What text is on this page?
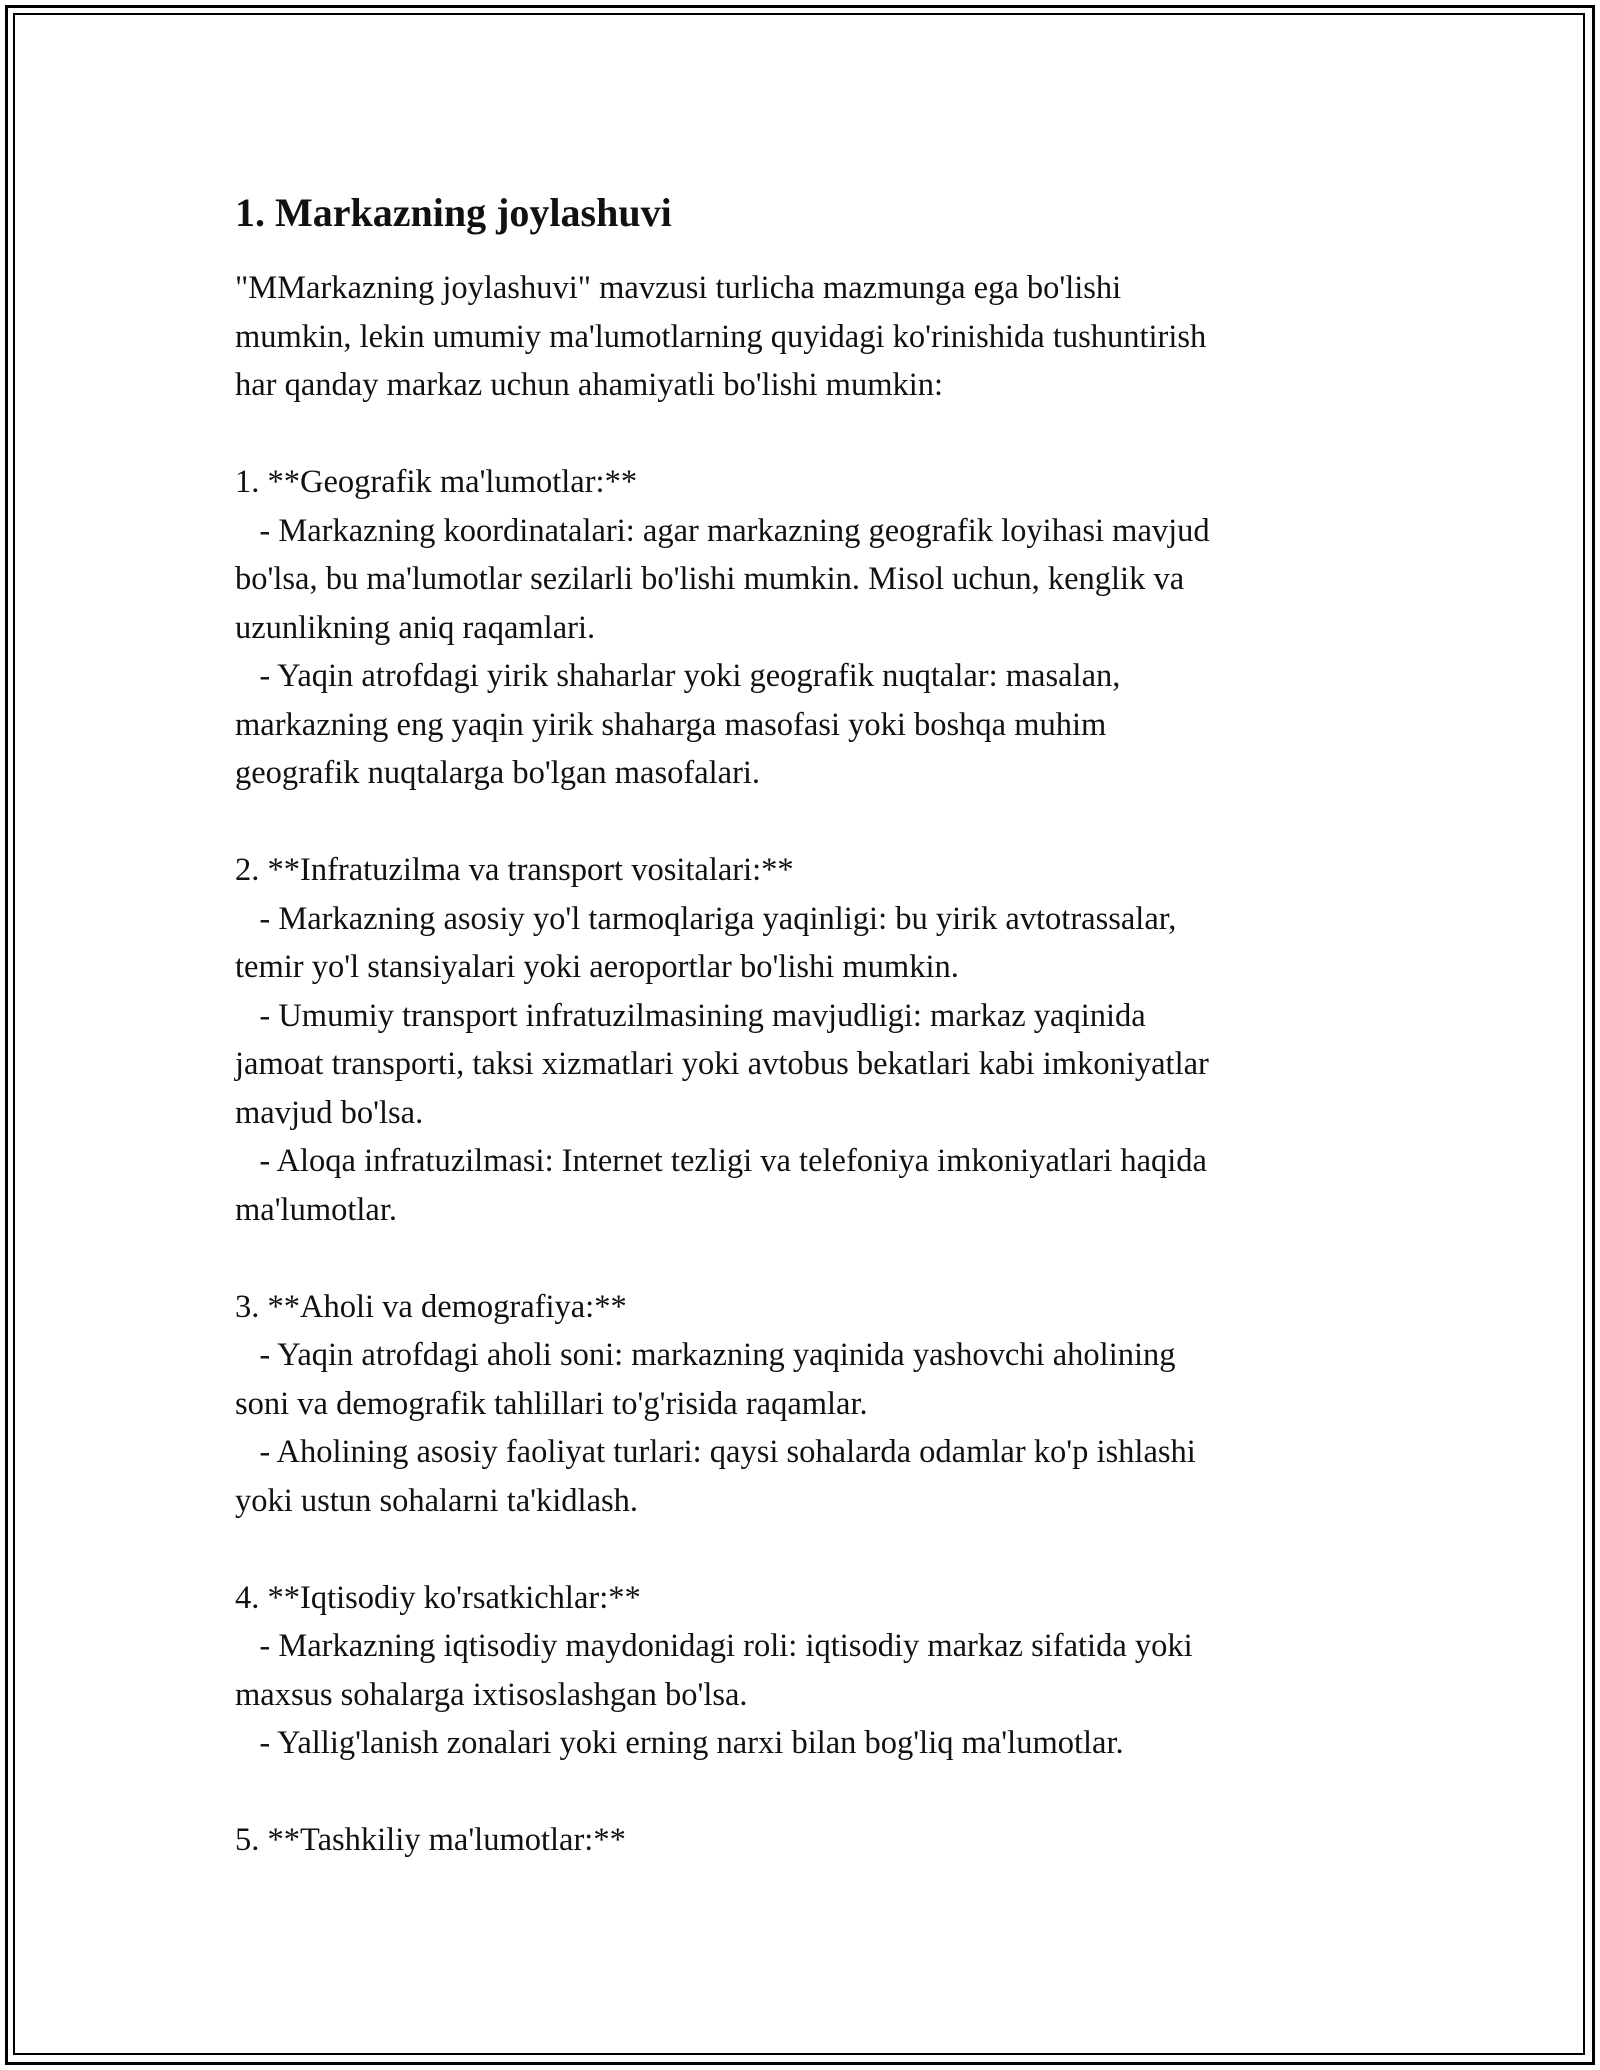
1. Markazning joylashuvi

"MMarkazning joylashuvi" mavzusi turlicha mazmunga ega bo'lishi
mumkin, lekin umumiy ma'lumotlarning quyidagi ko'rinishida tushuntirish
har qanday markaz uchun ahamiyatli bo'lishi mumkin:

1. **Geografik ma'lumotlar:**
- Markazning koordinatalari: agar markazning geografik loyihasi mavjud
bo'lsa, bu ma'lumotlar sezilarli bo'lishi mumkin. Misol uchun, kenglik va
uzunlikning aniq raqamlari.
- Yaqin atrofdagi yirik shaharlar yoki geografik nuqtalar: masalan,
markazning eng yaqin yirik shaharga masofasi yoki boshqa muhim
geografik nuqtalarga bo'lgan masofalari.

2. **Infratuzilma va transport vositalari:**
- Markazning asosiy yo'l tarmoqlariga yaqinligi: bu yirik avtotrassalar,
temir yo'l stansiyalari yoki aeroportlar bo'lishi mumkin.
- Umumiy transport infratuzilmasining mavjudligi: markaz yaqinida
jamoat transporti, taksi xizmatlari yoki avtobus bekatlari kabi imkoniyatlar
mavjud bo'lsa.
- Aloqa infratuzilmasi: Internet tezligi va telefoniya imkoniyatlari haqida
ma'lumotlar.

3. **Aholi va demografiya:**
- Yaqin atrofdagi aholi soni: markazning yaqinida yashovchi aholining
soni va demografik tahlillari to'g'risida raqamlar.
- Aholining asosiy faoliyat turlari: qaysi sohalarda odamlar ko'p ishlashi
yoki ustun sohalarni ta'kidlash.

4. **Iqtisodiy ko'rsatkichlar:**
- Markazning iqtisodiy maydonidagi roli: iqtisodiy markaz sifatida yoki
maxsus sohalarga ixtisoslashgan bo'lsa.
- Yallig'lanish zonalari yoki erning narxi bilan bog'liq ma'lumotlar.

5. **Tashkiliy ma'lumotlar:**
